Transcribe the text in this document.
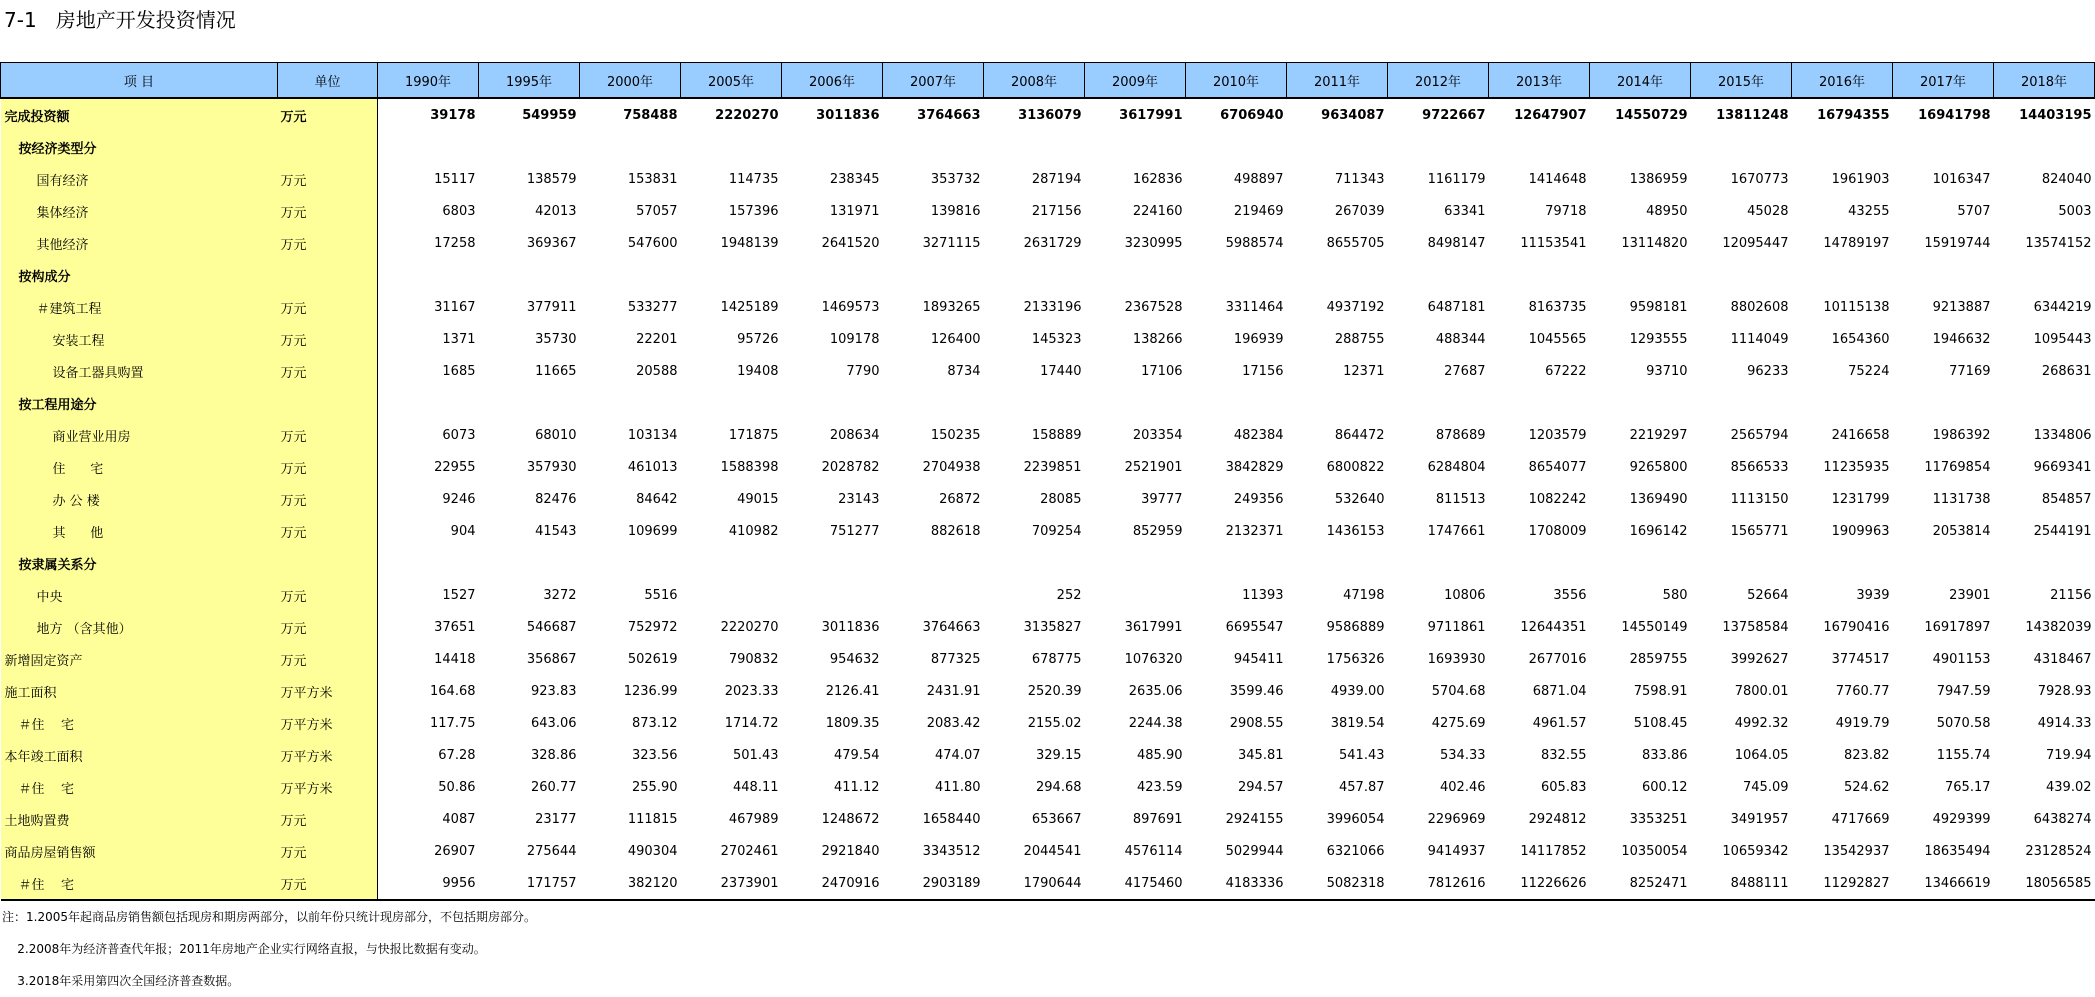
7-1   房地产开发投资情况
项 目	单位	1990年	1995年	2000年	2005年	2006年	2007年	2008年	2009年	2010年	2011年	2012年	2013年	2014年	2015年	2016年	2017年	2018年
完成投资额	万元	39178	549959	758488	2220270	3011836	3764663	3136079	3617991	6706940	9634087	9722667	12647907	14550729	13811248	16794355	16941798	14403195
按经济类型分																		
国有经济	万元	15117	138579	153831	114735	238345	353732	287194	162836	498897	711343	1161179	1414648	1386959	1670773	1961903	1016347	824040
集体经济	万元	6803	42013	57057	157396	131971	139816	217156	224160	219469	267039	63341	79718	48950	45028	43255	5707	5003
其他经济	万元	17258	369367	547600	1948139	2641520	3271115	2631729	3230995	5988574	8655705	8498147	11153541	13114820	12095447	14789197	15919744	13574152
按构成分																		
＃建筑工程	万元	31167	377911	533277	1425189	1469573	1893265	2133196	2367528	3311464	4937192	6487181	8163735	9598181	8802608	10115138	9213887	6344219
安装工程	万元	1371	35730	22201	95726	109178	126400	145323	138266	196939	288755	488344	1045565	1293555	1114049	1654360	1946632	1095443
设备工器具购置	万元	1685	11665	20588	19408	7790	8734	17440	17106	17156	12371	27687	67222	93710	96233	75224	77169	268631
按工程用途分																		
商业营业用房	万元	6073	68010	103134	171875	208634	150235	158889	203354	482384	864472	878689	1203579	2219297	2565794	2416658	1986392	1334806
住      宅	万元	22955	357930	461013	1588398	2028782	2704938	2239851	2521901	3842829	6800822	6284804	8654077	9265800	8566533	11235935	11769854	9669341
办 公 楼	万元	9246	82476	84642	49015	23143	26872	28085	39777	249356	532640	811513	1082242	1369490	1113150	1231799	1131738	854857
其      他	万元	904	41543	109699	410982	751277	882618	709254	852959	2132371	1436153	1747661	1708009	1696142	1565771	1909963	2053814	2544191
按隶属关系分																		
中央	万元	1527	3272	5516				252		11393	47198	10806	3556	580	52664	3939	23901	21156
地方 （含其他）	万元	37651	546687	752972	2220270	3011836	3764663	3135827	3617991	6695547	9586889	9711861	12644351	14550149	13758584	16790416	16917897	14382039
新增固定资产	万元	14418	356867	502619	790832	954632	877325	678775	1076320	945411	1756326	1693930	2677016	2859755	3992627	3774517	4901153	4318467
施工面积	万平方米	164.68	923.83	1236.99	2023.33	2126.41	2431.91	2520.39	2635.06	3599.46	4939.00	5704.68	6871.04	7598.91	7800.01	7760.77	7947.59	7928.93
＃住    宅	万平方米	117.75	643.06	873.12	1714.72	1809.35	2083.42	2155.02	2244.38	2908.55	3819.54	4275.69	4961.57	5108.45	4992.32	4919.79	5070.58	4914.33
本年竣工面积	万平方米	67.28	328.86	323.56	501.43	479.54	474.07	329.15	485.90	345.81	541.43	534.33	832.55	833.86	1064.05	823.82	1155.74	719.94
＃住    宅	万平方米	50.86	260.77	255.90	448.11	411.12	411.80	294.68	423.59	294.57	457.87	402.46	605.83	600.12	745.09	524.62	765.17	439.02
土地购置费	万元	4087	23177	111815	467989	1248672	1658440	653667	897691	2924155	3996054	2296969	2924812	3353251	3491957	4717669	4929399	6438274
商品房屋销售额	万元	26907	275644	490304	2702461	2921840	3343512	2044541	4576114	5029944	6321066	9414937	14117852	10350054	10659342	13542937	18635494	23128524
＃住    宅	万元	9956	171757	382120	2373901	2470916	2903189	1790644	4175460	4183336	5082318	7812616	11226626	8252471	8488111	11292827	13466619	18056585
注：1.2005年起商品房销售额包括现房和期房两部分，以前年份只统计现房部分，不包括期房部分。
2.2008年为经济普查代年报；2011年房地产企业实行网络直报，与快报比数据有变动。
3.2018年采用第四次全国经济普查数据。
